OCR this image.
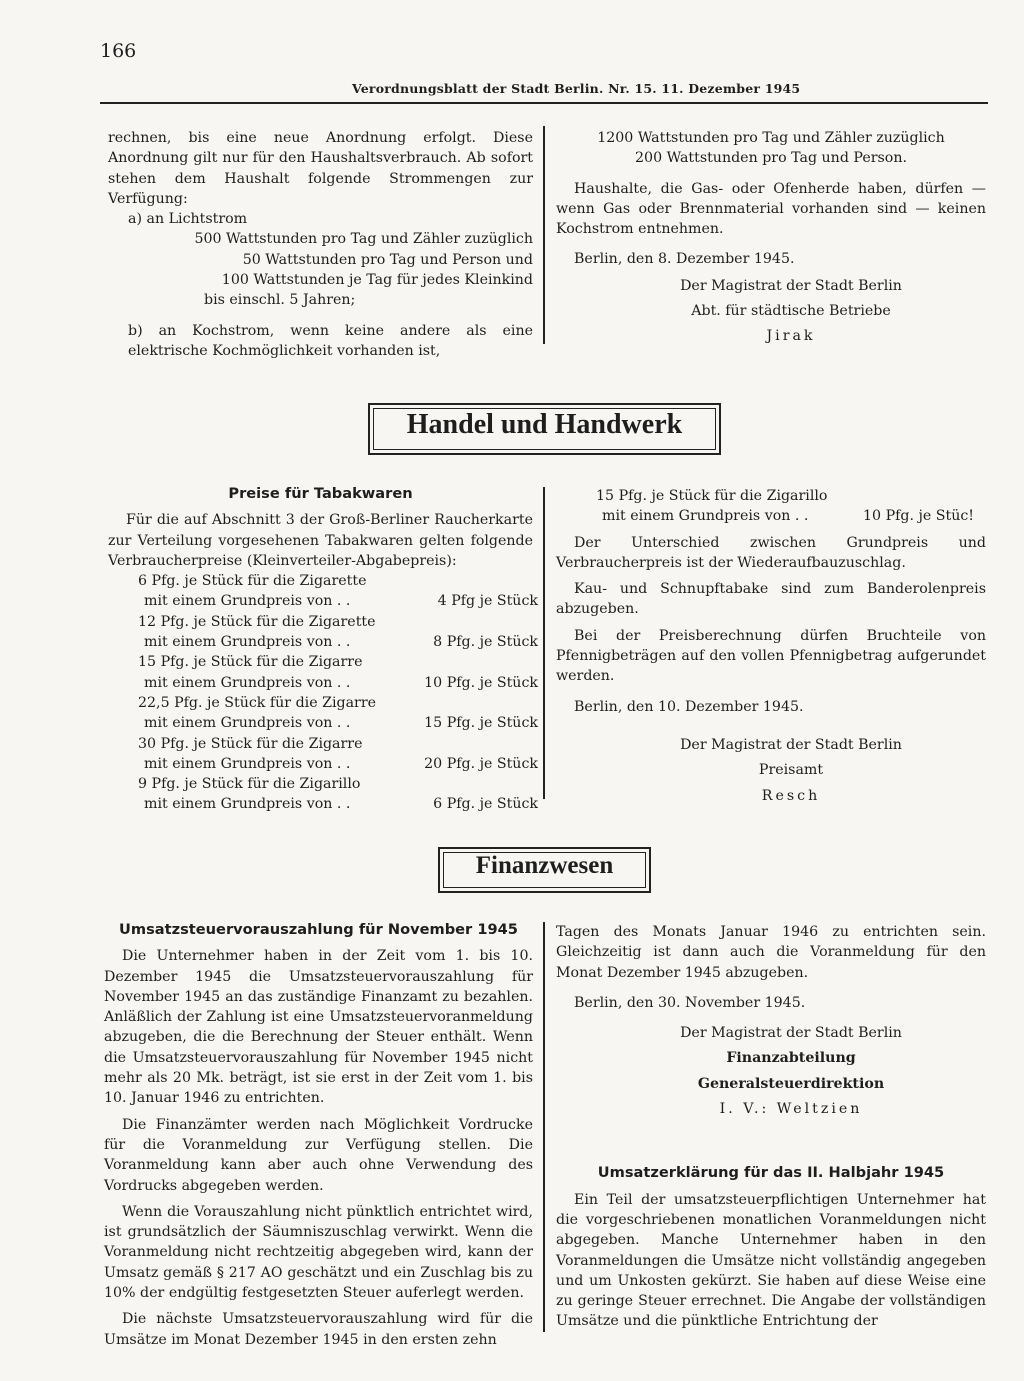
166
Verordnungsblatt der Stadt Berlin. Nr. 15. 11. Dezember 1945

rechnen, bis eine neue Anordnung erfolgt. Diese Anordnung gilt nur für den Haushaltsverbrauch. Ab sofort stehen dem Haushalt folgende Strommengen zur Verfügung:

a) an Lichtstrom

500 Wattstunden pro Tag und Zähler zuzüglich

50 Wattstunden pro Tag und Person und

100 Wattstunden je Tag für jedes Kleinkind

bis einschl. 5 Jahren;

b) an Kochstrom, wenn keine andere als eine elektrische Kochmöglichkeit vorhanden ist,

1200 Wattstunden pro Tag und Zähler zuzüglich

200 Wattstunden pro Tag und Person.

Haushalte, die Gas- oder Ofenherde haben, dürfen — wenn Gas oder Brennmaterial vorhanden sind — keinen Kochstrom entnehmen.

Berlin, den 8. Dezember 1945.

Der Magistrat der Stadt Berlin

Abt. für städtische Betriebe

Jirak

Handel und Handwerk

Preise für Tabakwaren

Für die auf Abschnitt 3 der Groß-Berliner Raucherkarte zur Verteilung vorgesehenen Tabakwaren gelten folgende Verbraucherpreise (Kleinverteiler-Abgabepreis):

6 Pfg. je Stück für die Zigarette
mit einem Grundpreis von . .	4 Pfg je Stück
12 Pfg. je Stück für die Zigarette
mit einem Grundpreis von . .	8 Pfg. je Stück
15 Pfg. je Stück für die Zigarre
mit einem Grundpreis von . .	10 Pfg. je Stück
22,5 Pfg. je Stück für die Zigarre
mit einem Grundpreis von . .	15 Pfg. je Stück
30 Pfg. je Stück für die Zigarre
mit einem Grundpreis von . .	20 Pfg. je Stück
9 Pfg. je Stück für die Zigarillo
mit einem Grundpreis von . .	6 Pfg. je Stück
15 Pfg. je Stück für die Zigarillo
mit einem Grundpreis von . .	10 Pfg. je Stüc!

Der Unterschied zwischen Grundpreis und Verbraucherpreis ist der Wiederaufbauzuschlag.

Kau- und Schnupftabake sind zum Banderolenpreis abzugeben.

Bei der Preisberechnung dürfen Bruchteile von Pfennigbeträgen auf den vollen Pfennigbetrag aufgerundet werden.

Berlin, den 10. Dezember 1945.

Der Magistrat der Stadt Berlin

Preisamt

Resch

Finanzwesen

Umsatzsteuervorauszahlung für November 1945

Die Unternehmer haben in der Zeit vom 1. bis 10. Dezember 1945 die Umsatzsteuervorauszahlung für November 1945 an das zuständige Finanzamt zu bezahlen. Anläßlich der Zahlung ist eine Umsatzsteuervoranmeldung abzugeben, die die Berechnung der Steuer enthält. Wenn die Umsatzsteuervorauszahlung für November 1945 nicht mehr als 20 Mk. beträgt, ist sie erst in der Zeit vom 1. bis 10. Januar 1946 zu entrichten.

Die Finanzämter werden nach Möglichkeit Vordrucke für die Voranmeldung zur Verfügung stellen. Die Voranmeldung kann aber auch ohne Verwendung des Vordrucks abgegeben werden.

Wenn die Vorauszahlung nicht pünktlich entrichtet wird, ist grundsätzlich der Säumniszuschlag verwirkt. Wenn die Voranmeldung nicht rechtzeitig abgegeben wird, kann der Umsatz gemäß § 217 AO geschätzt und ein Zuschlag bis zu 10% der endgültig festgesetzten Steuer auferlegt werden.

Die nächste Umsatzsteuervorauszahlung wird für die Umsätze im Monat Dezember 1945 in den ersten zehn

Tagen des Monats Januar 1946 zu entrichten sein. Gleichzeitig ist dann auch die Voranmeldung für den Monat Dezember 1945 abzugeben.

Berlin, den 30. November 1945.

Der Magistrat der Stadt Berlin

Finanzabteilung

Generalsteuerdirektion

I. V.: Weltzien

Umsatzerklärung für das II. Halbjahr 1945

Ein Teil der umsatzsteuerpflichtigen Unternehmer hat die vorgeschriebenen monatlichen Voranmeldungen nicht abgegeben. Manche Unternehmer haben in den Voranmeldungen die Umsätze nicht vollständig angegeben und um Unkosten gekürzt. Sie haben auf diese Weise eine zu geringe Steuer errechnet. Die Angabe der vollständigen Umsätze und die pünktliche Entrichtung der
